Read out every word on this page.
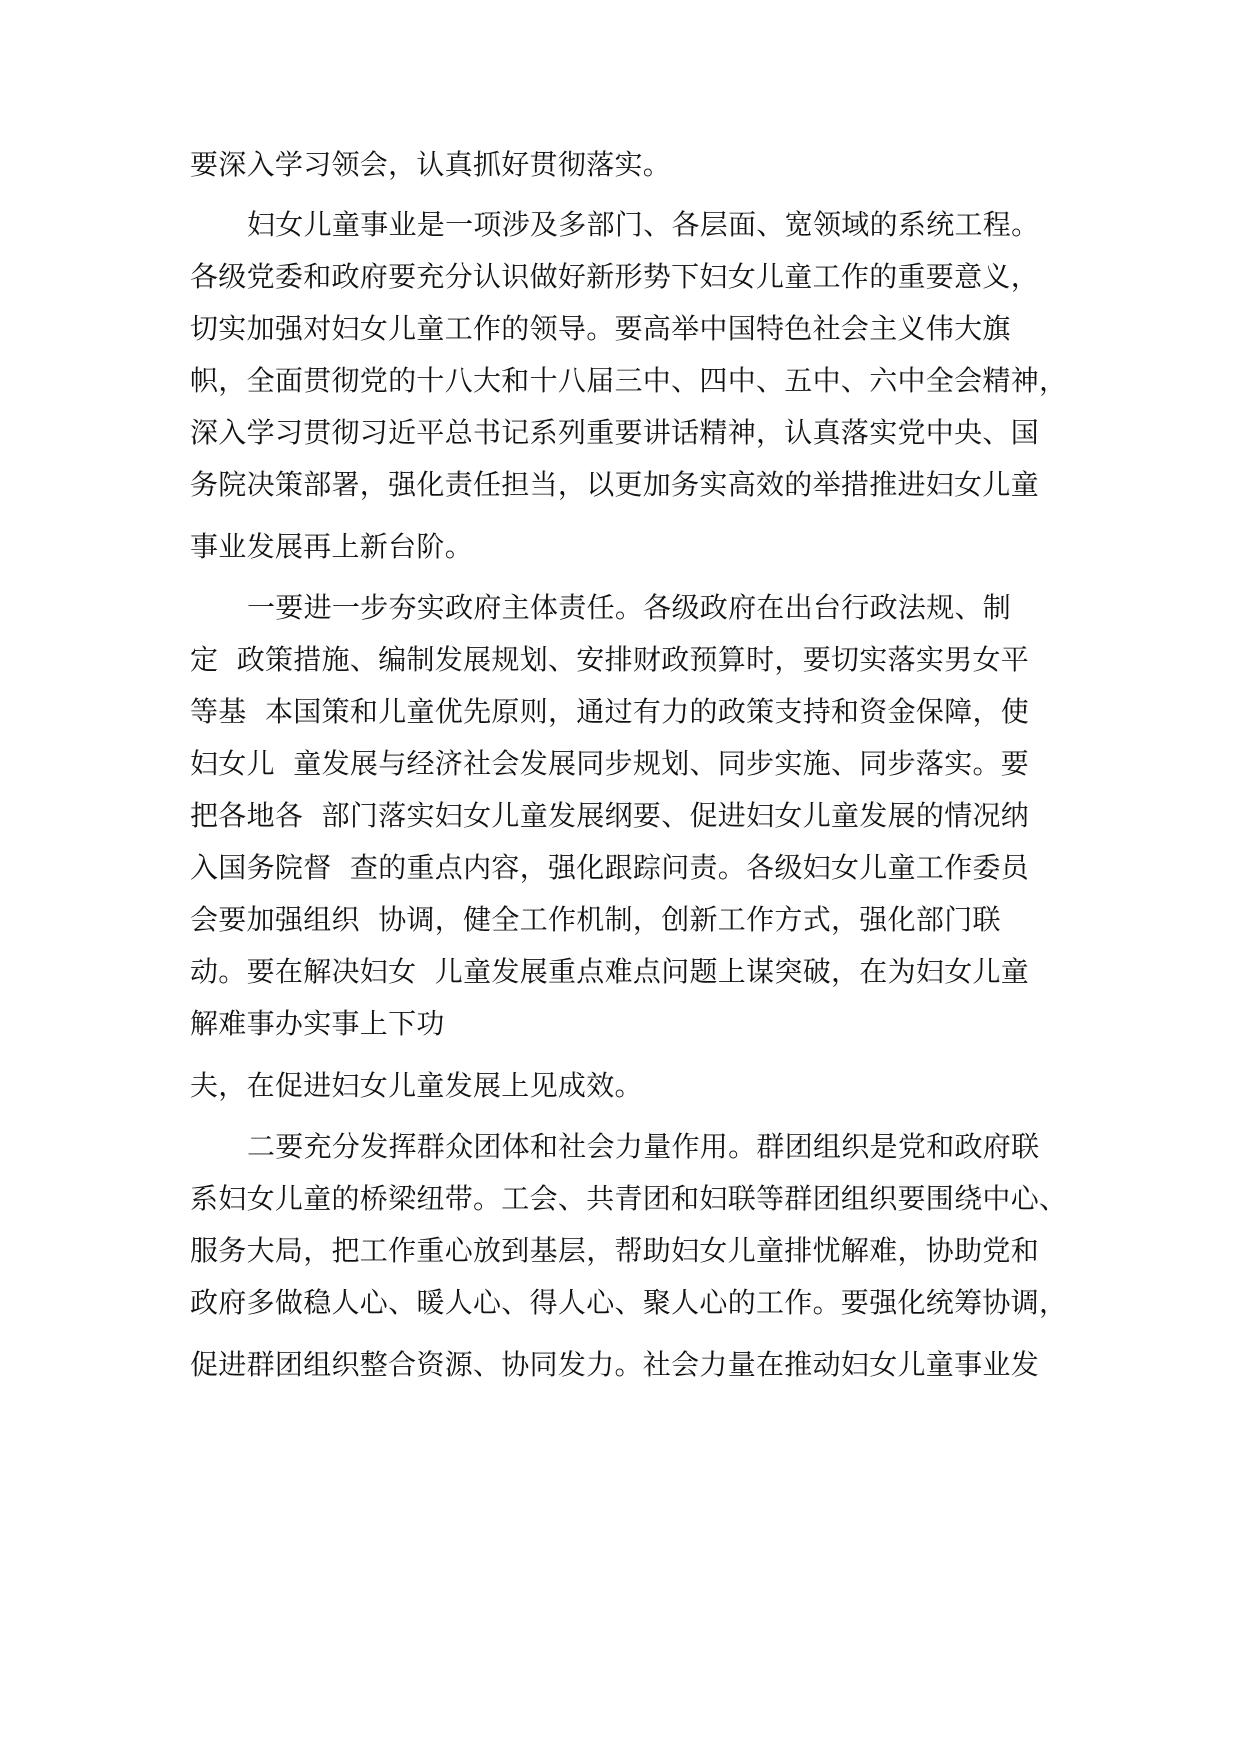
要深入学习领会，认真抓好贯彻落实。
妇女儿童事业是一项涉及多部门、各层面、宽领域的系统工程。
各级党委和政府要充分认识做好新形势下妇女儿童工作的重要意义，
切实加强对妇女儿童工作的领导。要高举中国特色社会主义伟大旗
帜，全面贯彻党的十八大和十八届三中、四中、五中、六中全会精神，
深入学习贯彻习近平总书记系列重要讲话精神，认真落实党中央、国
务院决策部署，强化责任担当，以更加务实高效的举措推进妇女儿童
事业发展再上新台阶。
一要进一步夯实政府主体责任。各级政府在出台行政法规、制
定  政策措施、编制发展规划、安排财政预算时，要切实落实男女平
等基  本国策和儿童优先原则，通过有力的政策支持和资金保障，使
妇女儿  童发展与经济社会发展同步规划、同步实施、同步落实。要
把各地各  部门落实妇女儿童发展纲要、促进妇女儿童发展的情况纳
入国务院督  查的重点内容，强化跟踪问责。各级妇女儿童工作委员
会要加强组织  协调，健全工作机制，创新工作方式，强化部门联
动。要在解决妇女  儿童发展重点难点问题上谋突破，在为妇女儿童
解难事办实事上下功
夫，在促进妇女儿童发展上见成效。
二要充分发挥群众团体和社会力量作用。群团组织是党和政府联
系妇女儿童的桥梁纽带。工会、共青团和妇联等群团组织要围绕中心、
服务大局，把工作重心放到基层，帮助妇女儿童排忧解难，协助党和
政府多做稳人心、暖人心、得人心、聚人心的工作。要强化统筹协调，
促进群团组织整合资源、协同发力。社会力量在推动妇女儿童事业发
